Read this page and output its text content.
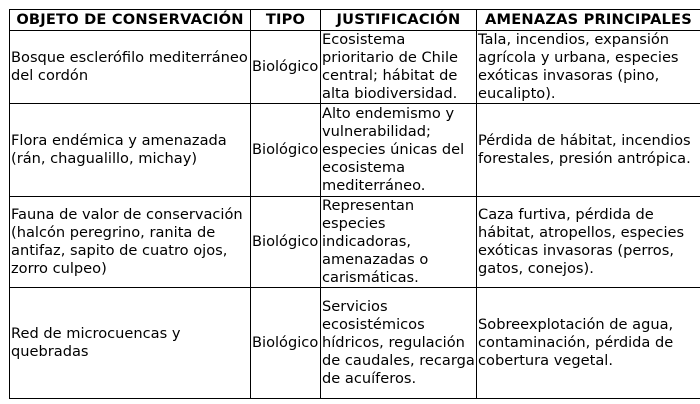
OBJETO DE CONSERVACIÓN	TIPO	JUSTIFICACIÓN	AMENAZAS PRINCIPALES
Bosque esclerófilo mediterráneo del cordón	Biológico	Ecosistema prioritario de Chile central; hábitat de alta biodiversidad.	Tala, incendios, expansión agrícola y urbana, especies exóticas invasoras (pino, eucalipto).
Flora endémica y amenazada (rán, chagualillo, michay)	Biológico	Alto endemismo y vulnerabilidad; especies únicas del ecosistema mediterráneo.	Pérdida de hábitat, incendios forestales, presión antrópica.
Fauna de valor de conservación (halcón peregrino, ranita de antifaz, sapito de cuatro ojos, zorro culpeo)	Biológico	Representan especies indicadoras, amenazadas o carismáticas.	Caza furtiva, pérdida de hábitat, atropellos, especies exóticas invasoras (perros, gatos, conejos).
Red de microcuencas y quebradas	Biológico	Servicios ecosistémicos hídricos, regulación de caudales, recarga de acuíferos.	Sobreexplotación de agua, contaminación, pérdida de cobertura vegetal.
